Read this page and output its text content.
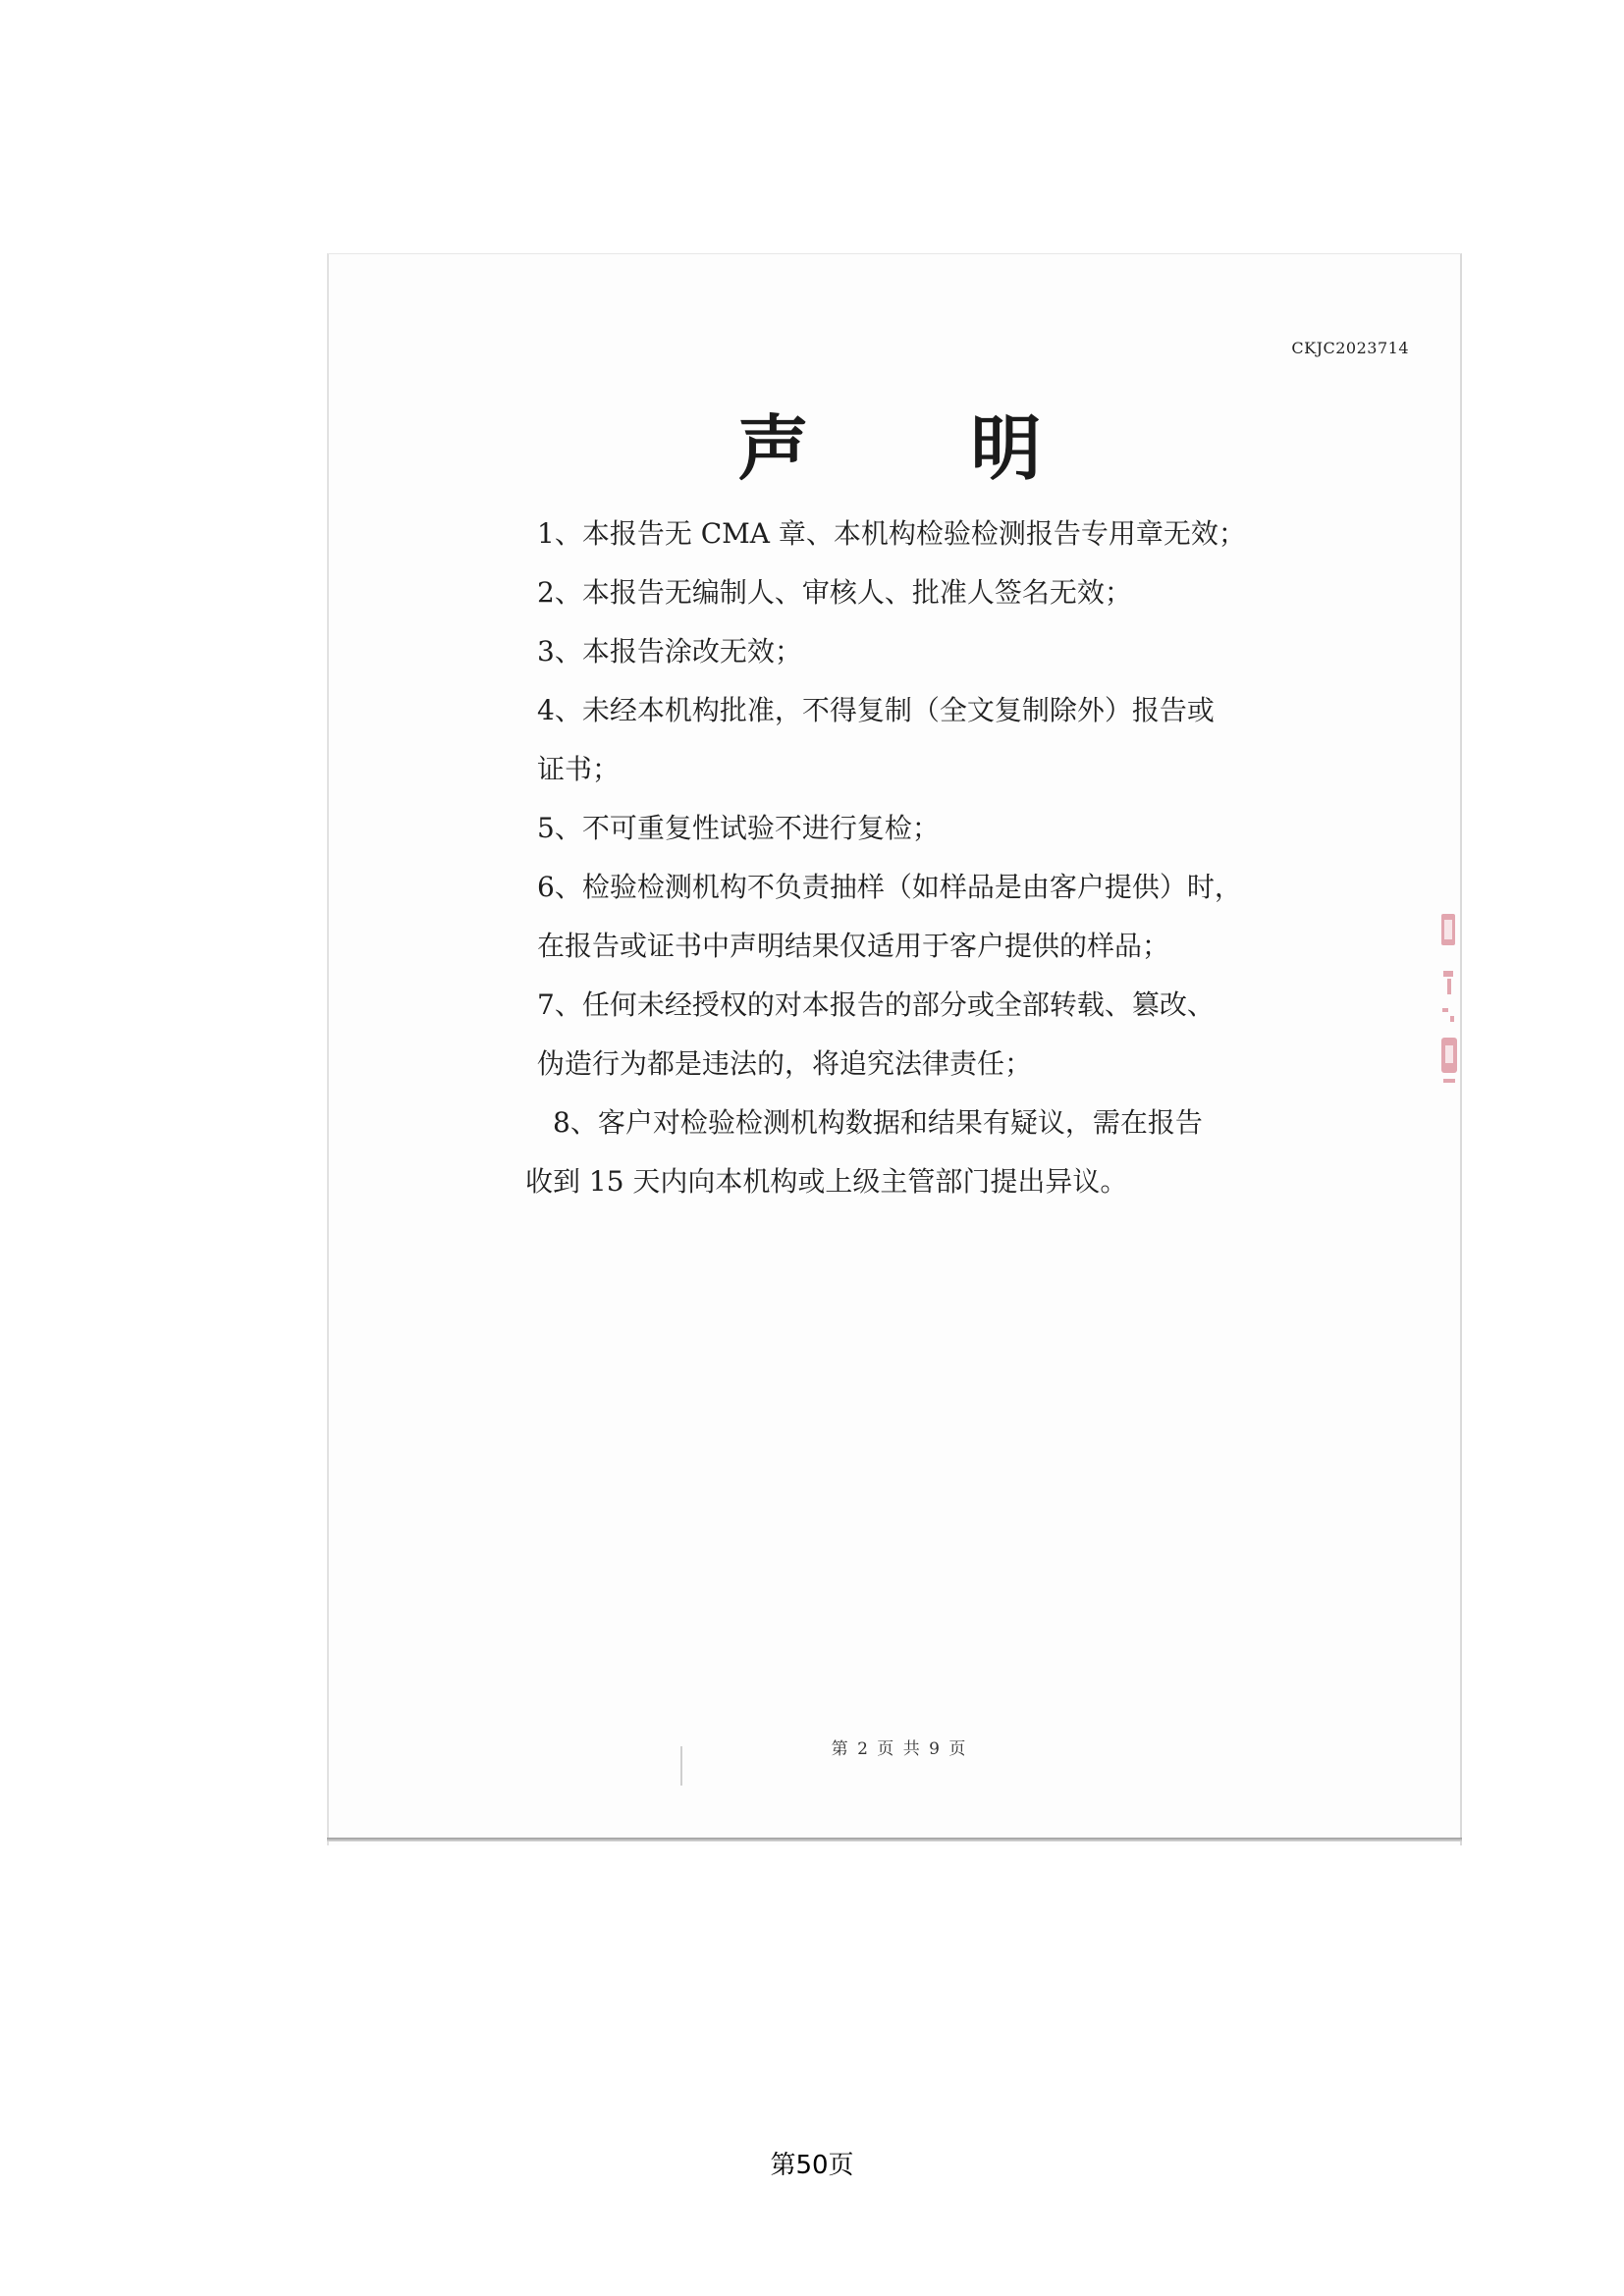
CKJC2023714
声 明
1、本报告无 CMA 章、本机构检验检测报告专用章无效；
2、本报告无编制人、审核人、批准人签名无效；
3、本报告涂改无效；
4、未经本机构批准，不得复制（全文复制除外）报告或
证书；
5、不可重复性试验不进行复检；
6、检验检测机构不负责抽样（如样品是由客户提供）时，
在报告或证书中声明结果仅适用于客户提供的样品；
7、任何未经授权的对本报告的部分或全部转载、篡改、
伪造行为都是违法的，将追究法律责任；
8、客户对检验检测机构数据和结果有疑议，需在报告
收到 15 天内向本机构或上级主管部门提出异议。
第 2 页 共 9 页
第50页
